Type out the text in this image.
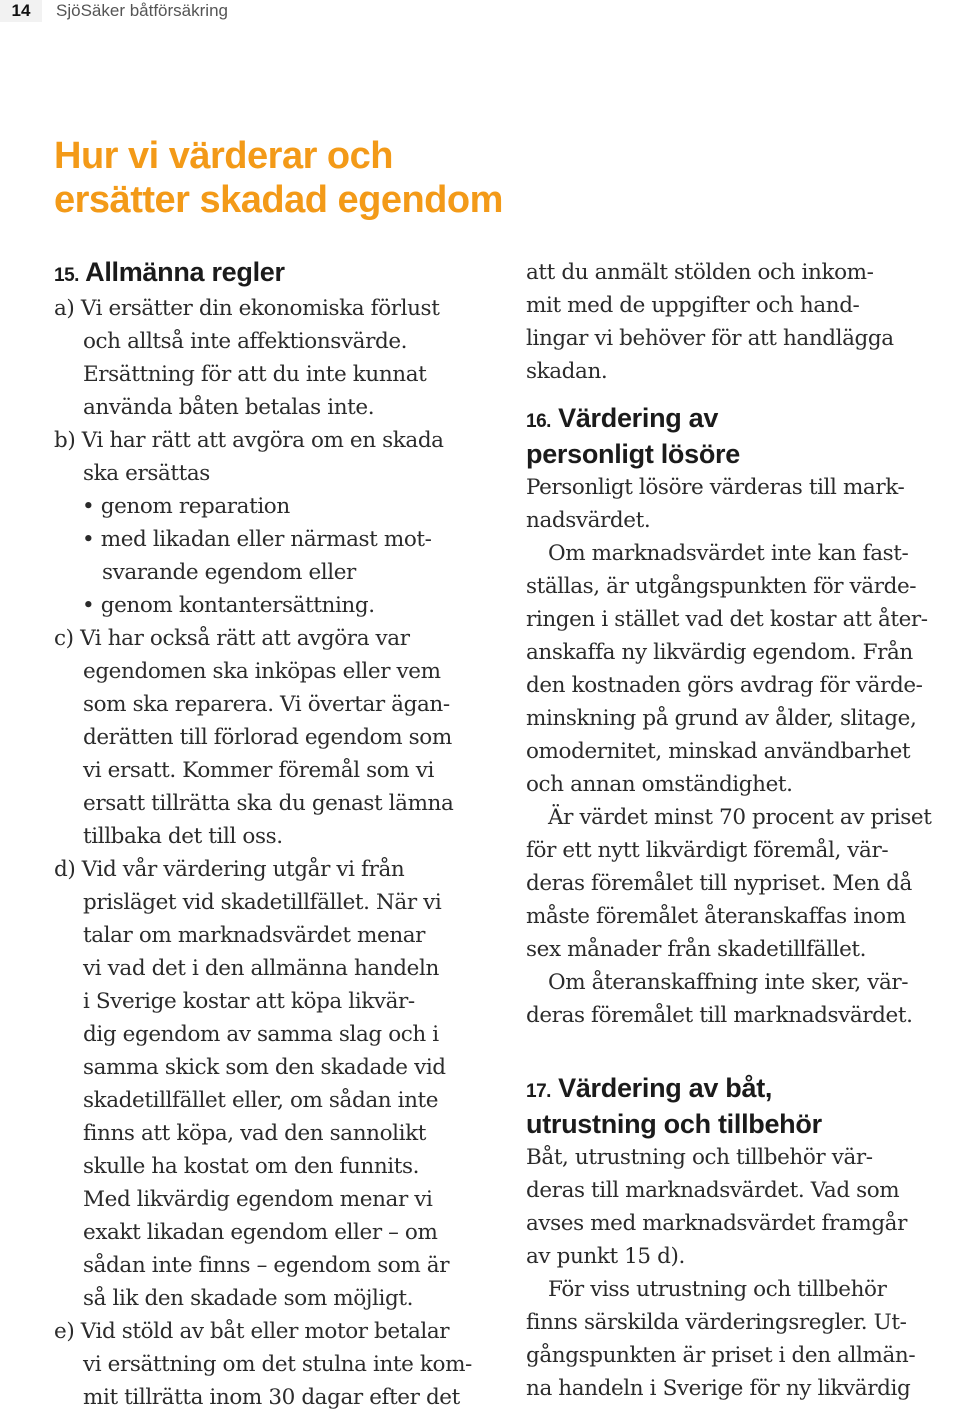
14	SjöSäker båtförsäkring
Hur vi värderar och
ersätter skadad egendom
15. Allmänna regler
a) Vi ersätter din ekonomiska förlust
och alltså inte affektionsvärde.
Ersättning för att du inte kunnat
använda båten betalas inte.
b) Vi har rätt att avgöra om en skada
ska ersättas
• genom reparation
• med likadan eller närmast mot-
svarande egendom eller
• genom kontantersättning.
c) Vi har också rätt att avgöra var
egendomen ska inköpas eller vem
som ska reparera. Vi övertar ägan-
derätten till förlorad egendom som
vi ersatt. Kommer föremål som vi
ersatt tillrätta ska du genast lämna
tillbaka det till oss.
d) Vid vår värdering utgår vi från
prisläget vid skadetillfället. När vi
talar om marknadsvärdet menar
vi vad det i den allmänna handeln
i Sverige kostar att köpa likvär-
dig egendom av samma slag och i
samma skick som den skadade vid
skadetillfället eller, om sådan inte
finns att köpa, vad den sannolikt
skulle ha kostat om den funnits.
Med likvärdig egendom menar vi
exakt likadan egendom eller – om
sådan inte finns – egendom som är
så lik den skadade som möjligt.
e) Vid stöld av båt eller motor betalar
vi ersättning om det stulna inte kom-
mit tillrätta inom 30 dagar efter det
att du anmält stölden och inkom-
mit med de uppgifter och hand-
lingar vi behöver för att handlägga
skadan.
16. Värdering av
personligt lösöre
Personligt lösöre värderas till mark-
nadsvärdet.
Om marknadsvärdet inte kan fast-
ställas, är utgångspunkten för värde-
ringen i stället vad det kostar att åter-
anskaffa ny likvärdig egendom. Från
den kostnaden görs avdrag för värde-
minskning på grund av ålder, slitage,
omodernitet, minskad användbarhet
och annan omständighet.
Är värdet minst 70 procent av priset
för ett nytt likvärdigt föremål, vär-
deras föremålet till nypriset. Men då
måste föremålet återanskaffas inom
sex månader från skadetillfället.
Om återanskaffning inte sker, vär-
deras föremålet till marknadsvärdet.
17. Värdering av båt,
utrustning och tillbehör
Båt, utrustning och tillbehör vär-
deras till marknadsvärdet. Vad som
avses med marknadsvärdet framgår
av punkt 15 d).
För viss utrustning och tillbehör
finns särskilda värderingsregler. Ut-
gångspunkten är priset i den allmän-
na handeln i Sverige för ny likvärdig
